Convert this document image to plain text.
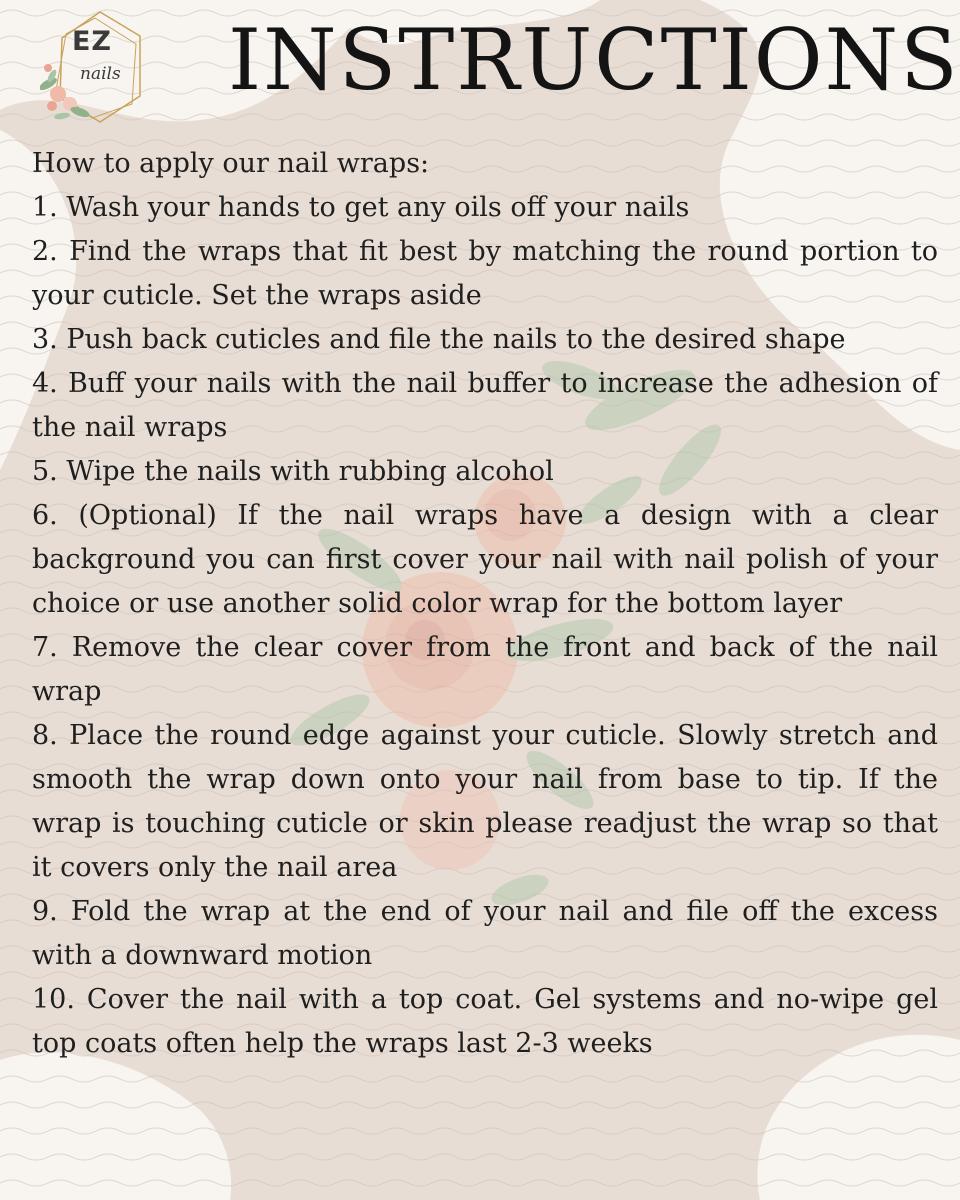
EZ
nails INSTRUCTIONS

How to apply our nail wraps:

1. Wash your hands to get any oils off your nails
2. Find the wraps that fit best by matching the round portion to your cuticle. Set the wraps aside
3. Push back cuticles and file the nails to the desired shape
4. Buff your nails with the nail buffer to increase the adhesion of the nail wraps
5. Wipe the nails with rubbing alcohol
6. (Optional) If the nail wraps have a design with a clear background you can first cover your nail with nail polish of your choice or use another solid color wrap for the bottom layer
7. Remove the clear cover from the front and back of the nail wrap
8. Place the round edge against your cuticle. Slowly stretch and smooth the wrap down onto your nail from base to tip. If the wrap is touching cuticle or skin please readjust the wrap so that it covers only the nail area
9. Fold the wrap at the end of your nail and file off the excess with a downward motion
10. Cover the nail with a top coat. Gel systems and no-wipe gel top coats often help the wraps last 2-3 weeks
